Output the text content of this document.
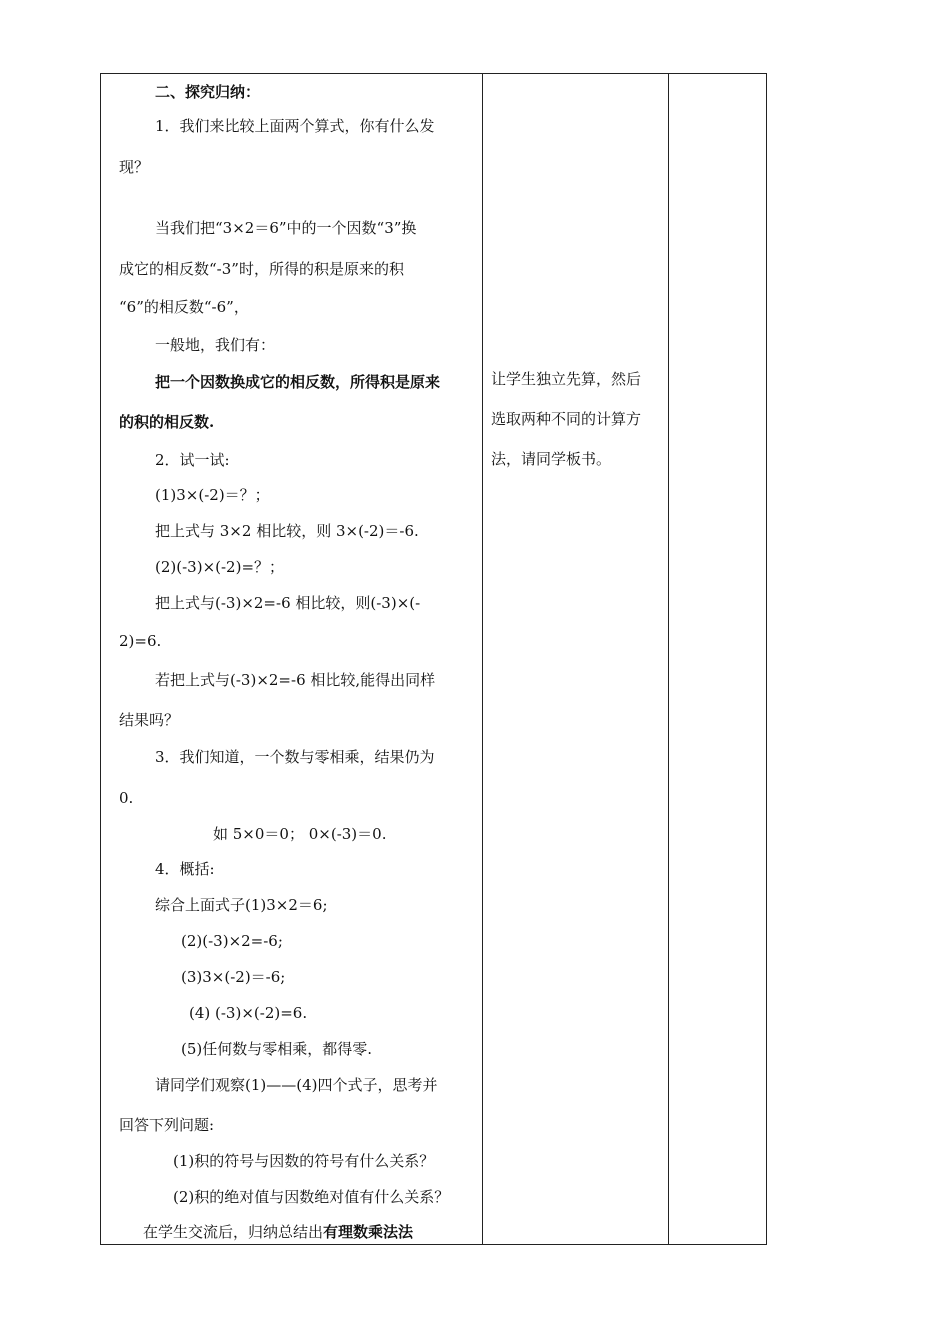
二、探究归纳：
1．我们来比较上面两个算式，你有什么发
现？
当我们把“3×2＝6”中的一个因数“3”换
成它的相反数“-3”时，所得的积是原来的积
“6”的相反数“-6”，
一般地，我们有：
把一个因数换成它的相反数，所得积是原来
的积的相反数.
2．试一试:
(1)3×(-2)＝？；
把上式与 3×2 相比较，则 3×(-2)＝-6.
(2)(-3)×(-2)=？；
把上式与(-3)×2=-6 相比较，则(-3)×(-
2)=6.
若把上式与(-3)×2=-6 相比较,能得出同样
结果吗？
3．我们知道，一个数与零相乘，结果仍为
0.
如 5×0＝0； 0×(-3)＝0.
4．概括:
综合上面式子(1)3×2＝6;
(2)(-3)×2=-6;
(3)3×(-2)＝-6;
(4) (-3)×(-2)=6.
(5)任何数与零相乘，都得零.
请同学们观察(1)——(4)四个式子，思考并
回答下列问题:
(1)积的符号与因数的符号有什么关系？
(2)积的绝对值与因数绝对值有什么关系？
在学生交流后，归纳总结出有理数乘法法

让学生独立先算，然后
选取两种不同的计算方
法，请同学板书。
